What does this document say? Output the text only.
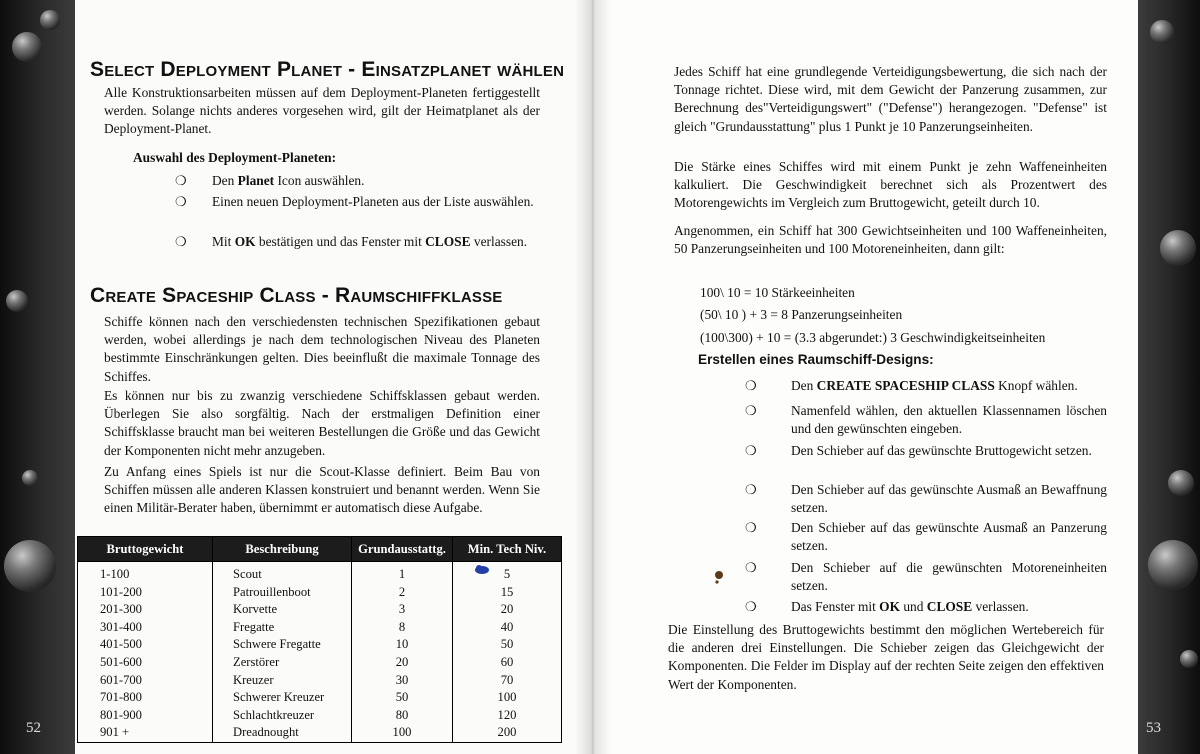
Select Deployment Planet - Einsatzplanet wählen
Alle Konstruktionsarbeiten müssen auf dem Deployment-Planeten fertiggestellt werden. Solange nichts anderes vorgesehen wird, gilt der Heimatplanet als der Deployment-Planet.
Auswahl des Deployment-Planeten:
❍ Den Planet Icon auswählen.
❍ Einen neuen Deployment-Planeten aus der Liste auswählen.
❍ Mit OK bestätigen und das Fenster mit CLOSE verlassen.
Create Spaceship Class - Raumschiffklasse
Schiffe können nach den verschiedensten technischen Spezifikationen gebaut werden, wobei allerdings je nach dem technologischen Niveau des Planeten bestimmte Einschränkungen gelten. Dies beeinflußt die maximale Tonnage des Schiffes.
Es können nur bis zu zwanzig verschiedene Schiffsklassen gebaut werden. Überlegen Sie also sorgfältig. Nach der erstmaligen Definition einer Schiffsklasse braucht man bei weiteren Bestellungen die Größe und das Gewicht der Komponenten nicht mehr anzugeben.
Zu Anfang eines Spiels ist nur die Scout-Klasse definiert. Beim Bau von Schiffen müssen alle anderen Klassen konstruiert und benannt werden. Wenn Sie einen Militär-Berater haben, übernimmt er automatisch diese Aufgabe.
Bruttogewicht	Beschreibung	Grundausstattg.	Min. Tech Niv.
1-100	Scout	1	5
101-200	Patrouillenboot	2	15
201-300	Korvette	3	20
301-400	Fregatte	8	40
401-500	Schwere Fregatte	10	50
501-600	Zerstörer	20	60
601-700	Kreuzer	30	70
701-800	Schwerer Kreuzer	50	100
801-900	Schlachtkreuzer	80	120
901 +	Dreadnought	100	200
52
Jedes Schiff hat eine grundlegende Verteidigungsbewertung, die sich nach der Tonnage richtet. Diese wird, mit dem Gewicht der Panzerung zusammen, zur Berechnung des"Verteidigungswert" ("Defense") herangezogen. "Defense" ist gleich "Grundausstattung" plus 1 Punkt je 10 Panzerungseinheiten.
Die Stärke eines Schiffes wird mit einem Punkt je zehn Waffeneinheiten kalkuliert. Die Geschwindigkeit berechnet sich als Prozentwert des Motorengewichts im Vergleich zum Bruttogewicht, geteilt durch 10.
Angenommen, ein Schiff hat 300 Gewichtseinheiten und 100 Waffeneinheiten, 50 Panzerungseinheiten und 100 Motoreneinheiten, dann gilt:
100\ 10 = 10 Stärkeeinheiten
(50\ 10 ) + 3 = 8 Panzerungseinheiten
(100\300) + 10 = (3.3 abgerundet:) 3 Geschwindigkeitseinheiten
Erstellen eines Raumschiff-Designs:
❍	Den CREATE SPACESHIP CLASS Knopf wählen.
❍	Namenfeld wählen, den aktuellen Klassennamen löschen und den gewünschten eingeben.
❍	Den Schieber auf das gewünschte Bruttogewicht setzen.
❍	Den Schieber auf das gewünschte Ausmaß an Bewaffnung setzen.
❍	Den Schieber auf das gewünschte Ausmaß an Panzerung setzen.
❍	Den Schieber auf die gewünschten Motoreneinheiten setzen.
❍	Das Fenster mit OK und CLOSE verlassen.
Die Einstellung des Bruttogewichts bestimmt den möglichen Wertebereich für die anderen drei Einstellungen. Die Schieber zeigen das Gleichgewicht der Komponenten. Die Felder im Display auf der rechten Seite zeigen den effektiven Wert der Komponenten.
53
